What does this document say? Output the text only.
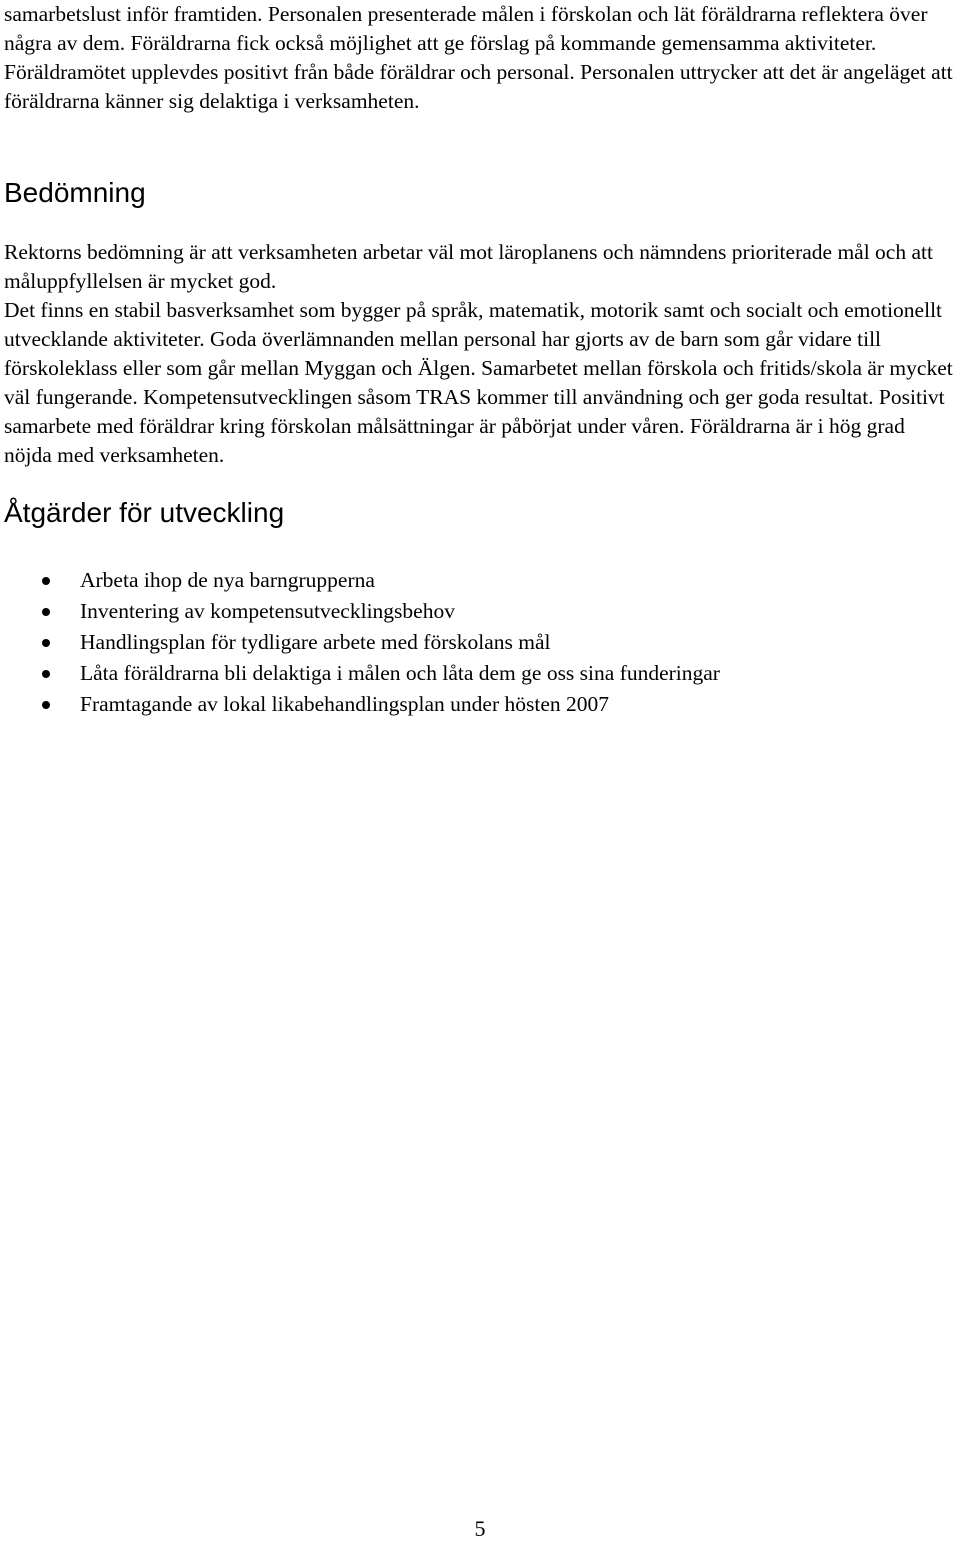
samarbetslust inför framtiden. Personalen presenterade målen i förskolan och lät föräldrarna reflektera över några av dem. Föräldrarna fick också möjlighet att ge förslag på kommande gemensamma aktiviteter. Föräldramötet upplevdes positivt från både föräldrar och personal. Personalen uttrycker att det är angeläget att föräldrarna känner sig delaktiga i verksamheten.

Bedömning

Rektorns bedömning är att verksamheten arbetar väl mot läroplanens och nämndens prioriterade mål och att måluppfyllelsen är mycket god.

Det finns en stabil basverksamhet som bygger på språk, matematik, motorik samt och socialt och emotionellt utvecklande aktiviteter. Goda överlämnanden mellan personal har gjorts av de barn som går vidare till förskoleklass eller som går mellan Myggan och Älgen. Samarbetet mellan förskola och fritids/skola är mycket väl fungerande. Kompetensutvecklingen såsom TRAS kommer till användning och ger goda resultat. Positivt samarbete med föräldrar kring förskolan målsättningar är påbörjat under våren. Föräldrarna är i hög grad nöjda med verksamheten.

Åtgärder för utveckling
Arbeta ihop de nya barngrupperna
Inventering av kompetensutvecklingsbehov
Handlingsplan för tydligare arbete med förskolans mål
Låta föräldrarna bli delaktiga i målen och låta dem ge oss sina funderingar
Framtagande av lokal likabehandlingsplan under hösten 2007
5
